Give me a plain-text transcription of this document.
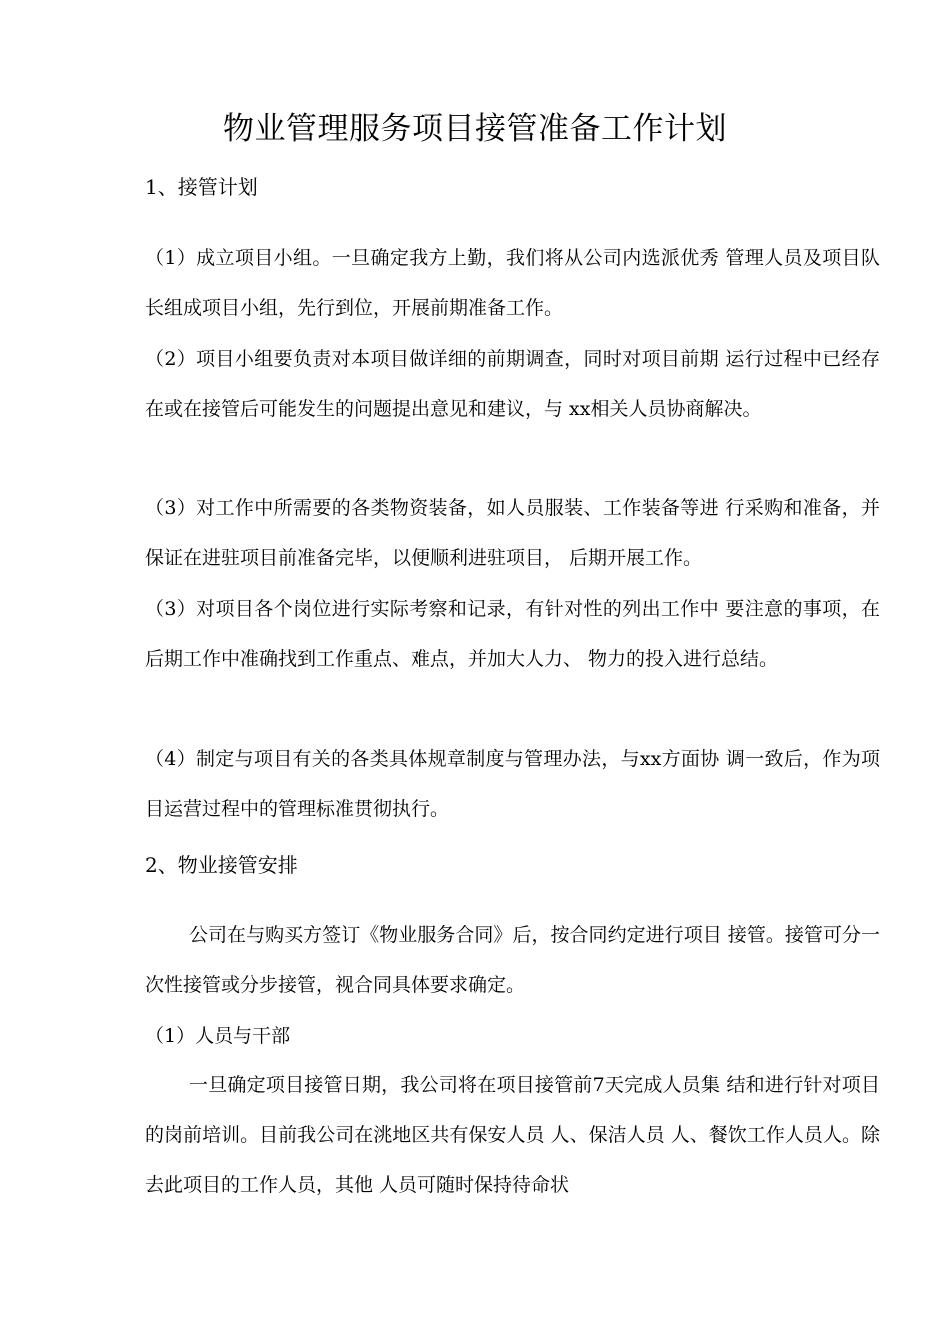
物业管理服务项目接管准备工作计划
1、接管计划
（1）成立项目小组。一旦确定我方上勤，我们将从公司内选派优秀 管理人员及项目队长组成项目小组，先行到位，开展前期准备工作。
（2）项目小组要负责对本项目做详细的前期调查，同时对项目前期 运行过程中已经存在或在接管后可能发生的问题提出意见和建议，与 xx相关人员协商解决。
（3）对工作中所需要的各类物资装备，如人员服装、工作装备等进 行采购和准备，并保证在进驻项目前准备完毕，以便顺利进驻项目， 后期开展工作。
（3）对项目各个岗位进行实际考察和记录，有针对性的列出工作中 要注意的事项，在后期工作中准确找到工作重点、难点，并加大人力、 物力的投入进行总结。
（4）制定与项目有关的各类具体规章制度与管理办法，与xx方面协 调一致后，作为项目运营过程中的管理标准贯彻执行。
2、物业接管安排
公司在与购买方签订《物业服务合同》后，按合同约定进行项目 接管。接管可分一次性接管或分步接管，视合同具体要求确定。
（1）人员与干部
一旦确定项目接管日期，我公司将在项目接管前7天完成人员集 结和进行针对项目的岗前培训。目前我公司在洮地区共有保安人员 人、保洁人员 人、餐饮工作人员人。除去此项目的工作人员，其他 人员可随时保持待命状
